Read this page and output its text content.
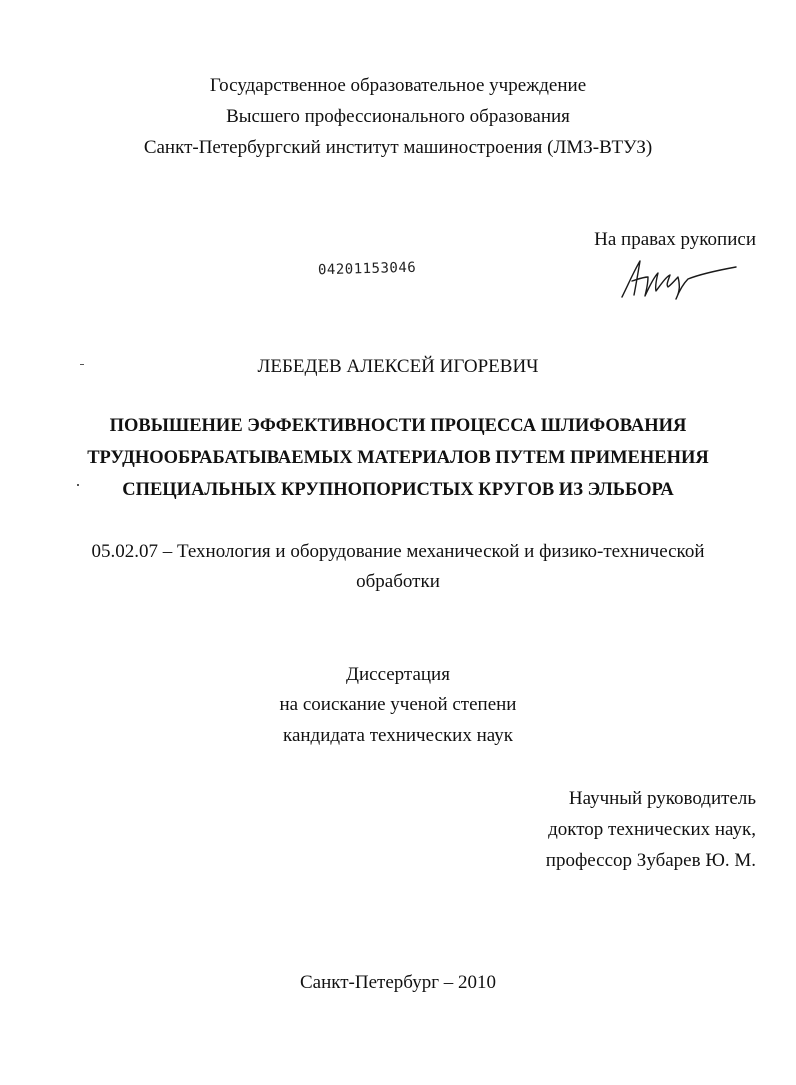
Государственное образовательное учреждение
Высшего профессионального образования
Санкт-Петербургский институт машиностроения (ЛМЗ-ВТУЗ)
На правах рукописи
04201153046
ЛЕБЕДЕВ АЛЕКСЕЙ ИГОРЕВИЧ
ПОВЫШЕНИЕ ЭФФЕКТИВНОСТИ ПРОЦЕССА ШЛИФОВАНИЯ
ТРУДНООБРАБАТЫВАЕМЫХ МАТЕРИАЛОВ ПУТЕМ ПРИМЕНЕНИЯ
СПЕЦИАЛЬНЫХ КРУПНОПОРИСТЫХ КРУГОВ ИЗ ЭЛЬБОРА
05.02.07 – Технология и оборудование механической и физико-технической
обработки
Диссертация
на соискание ученой степени
кандидата технических наук
Научный руководитель
доктор технических наук,
профессор Зубарев Ю. М.
Санкт-Петербург – 2010
